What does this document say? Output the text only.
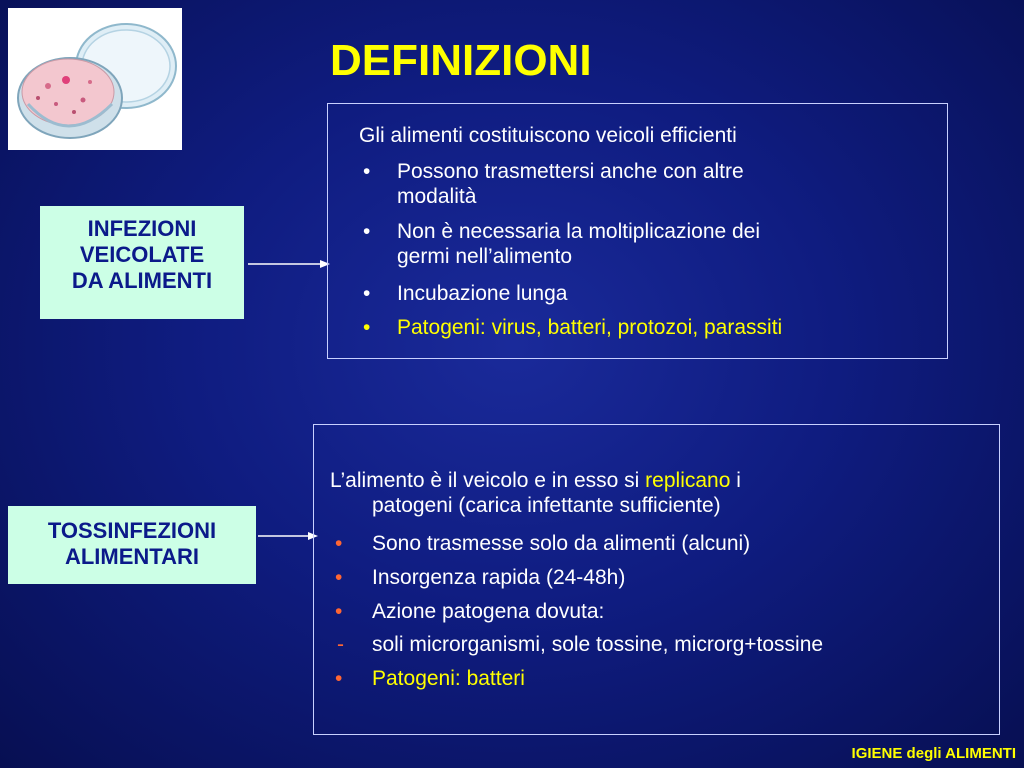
DEFINIZIONI
INFEZIONI
VEICOLATE
DA ALIMENTI
Gli alimenti costituiscono veicoli efficienti
• Possono trasmettersi anche con altre
modalità
• Non è necessaria la moltiplicazione dei
germi nell’alimento
• Incubazione lunga
• Patogeni: virus, batteri, protozoi, parassiti
TOSSINFEZIONI
ALIMENTARI
L’alimento è il veicolo e in esso si replicano i
patogeni (carica infettante sufficiente)
• Sono trasmesse solo da alimenti (alcuni)
• Insorgenza rapida (24-48h)
• Azione patogena dovuta:
- soli microrganismi, sole tossine, microrg+tossine
• Patogeni: batteri
IGIENE degli ALIMENTI
